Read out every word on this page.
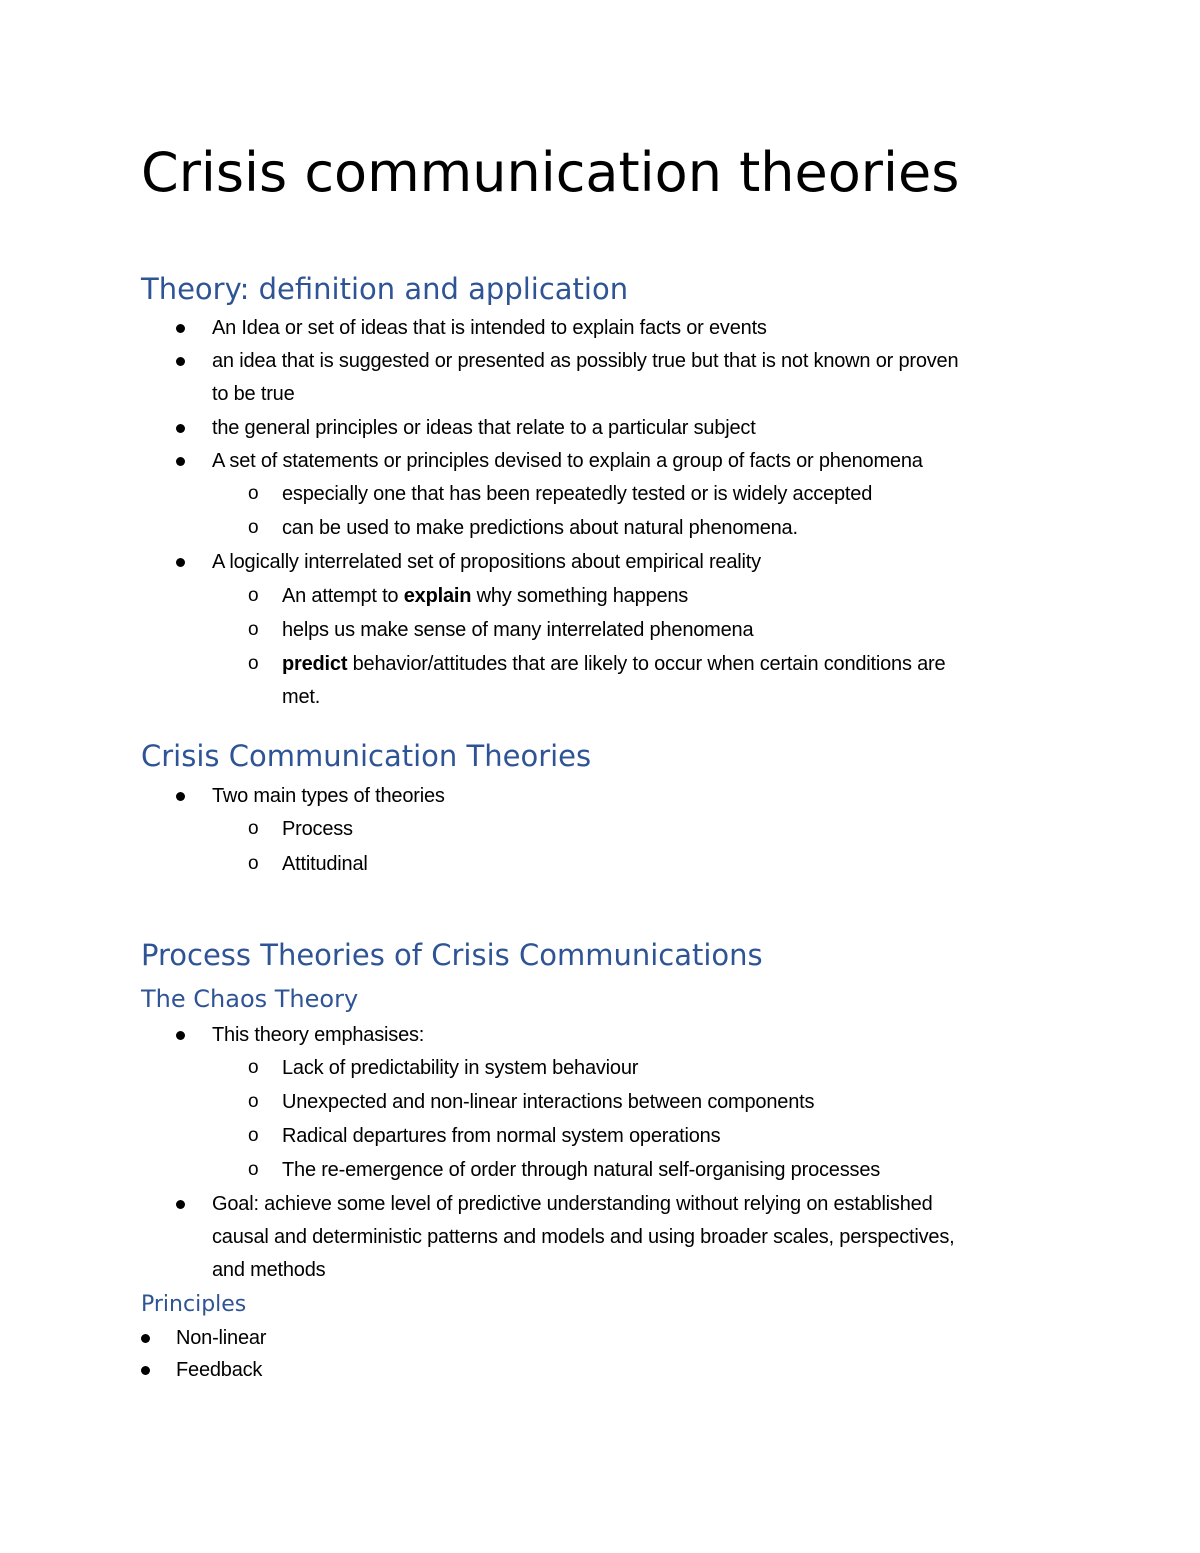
Crisis communication theories
Theory: definition and application
An Idea or set of ideas that is intended to explain facts or events
an idea that is suggested or presented as possibly true but that is not known or proven
to be true
the general principles or ideas that relate to a particular subject
A set of statements or principles devised to explain a group of facts or phenomena
o especially one that has been repeatedly tested or is widely accepted
o can be used to make predictions about natural phenomena.
A logically interrelated set of propositions about empirical reality
o An attempt to explain why something happens
o helps us make sense of many interrelated phenomena
o predict behavior/attitudes that are likely to occur when certain conditions are
met.
Crisis Communication Theories
Two main types of theories
o Process
o Attitudinal
Process Theories of Crisis Communications
The Chaos Theory
This theory emphasises:
o Lack of predictability in system behaviour
o Unexpected and non-linear interactions between components
o Radical departures from normal system operations
o The re-emergence of order through natural self-organising processes
Goal: achieve some level of predictive understanding without relying on established
causal and deterministic patterns and models and using broader scales, perspectives,
and methods
Principles
Non-linear
Feedback
